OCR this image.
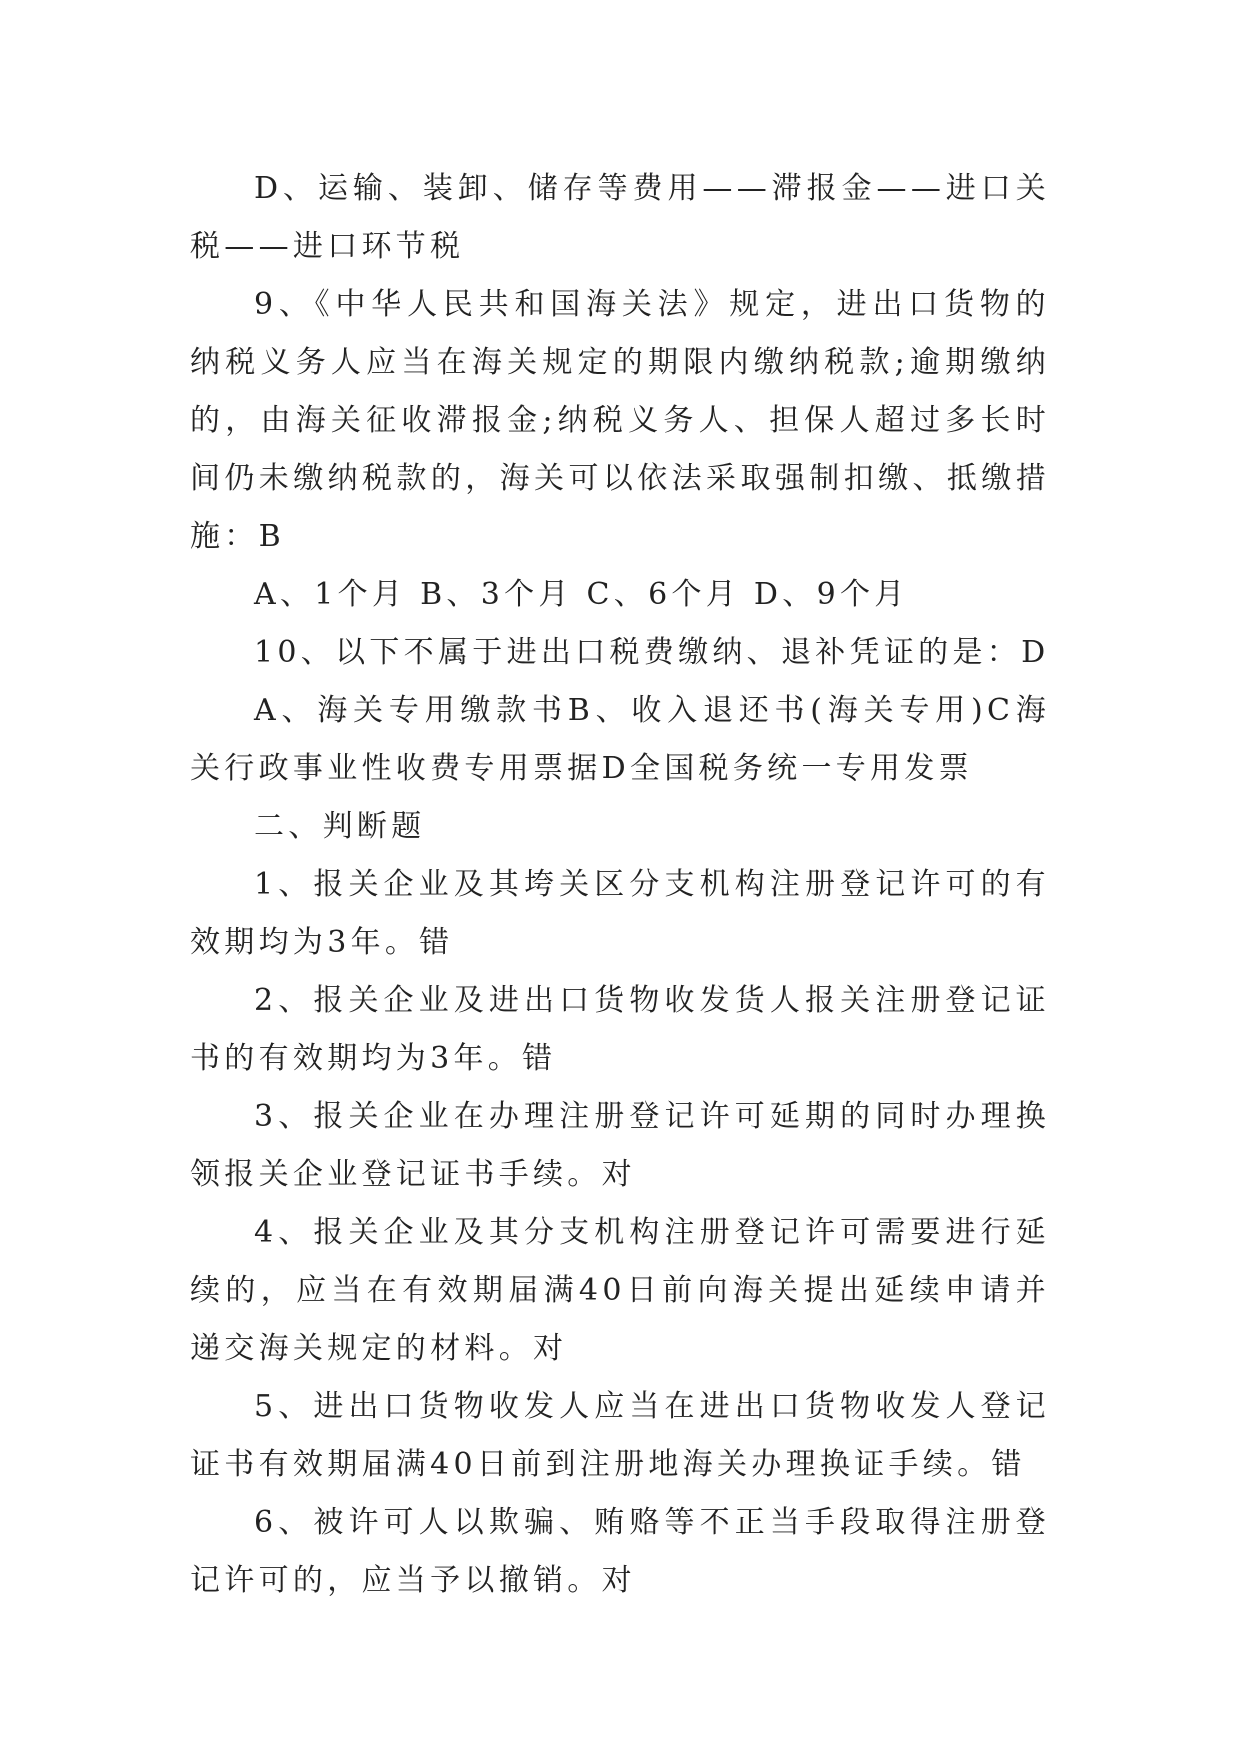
D、运输、装卸、储存等费用——滞报金——进口关税——进口环节税

9、《中华人民共和国海关法》规定，进出口货物的纳税义务人应当在海关规定的期限内缴纳税款;逾期缴纳的，由海关征收滞报金;纳税义务人、担保人超过多长时间仍未缴纳税款的，海关可以依法采取强制扣缴、抵缴措施：B

A、1个月 B、3个月 C、6个月 D、9个月

10、以下不属于进出口税费缴纳、退补凭证的是：D

A、海关专用缴款书B、收入退还书(海关专用)C海关行政事业性收费专用票据D全国税务统一专用发票

二、判断题

1、报关企业及其垮关区分支机构注册登记许可的有效期均为3年。错

2、报关企业及进出口货物收发货人报关注册登记证书的有效期均为3年。错

3、报关企业在办理注册登记许可延期的同时办理换领报关企业登记证书手续。对

4、报关企业及其分支机构注册登记许可需要进行延续的，应当在有效期届满40日前向海关提出延续申请并递交海关规定的材料。对

5、进出口货物收发人应当在进出口货物收发人登记证书有效期届满40日前到注册地海关办理换证手续。错

6、被许可人以欺骗、贿赂等不正当手段取得注册登记许可的，应当予以撤销。对
